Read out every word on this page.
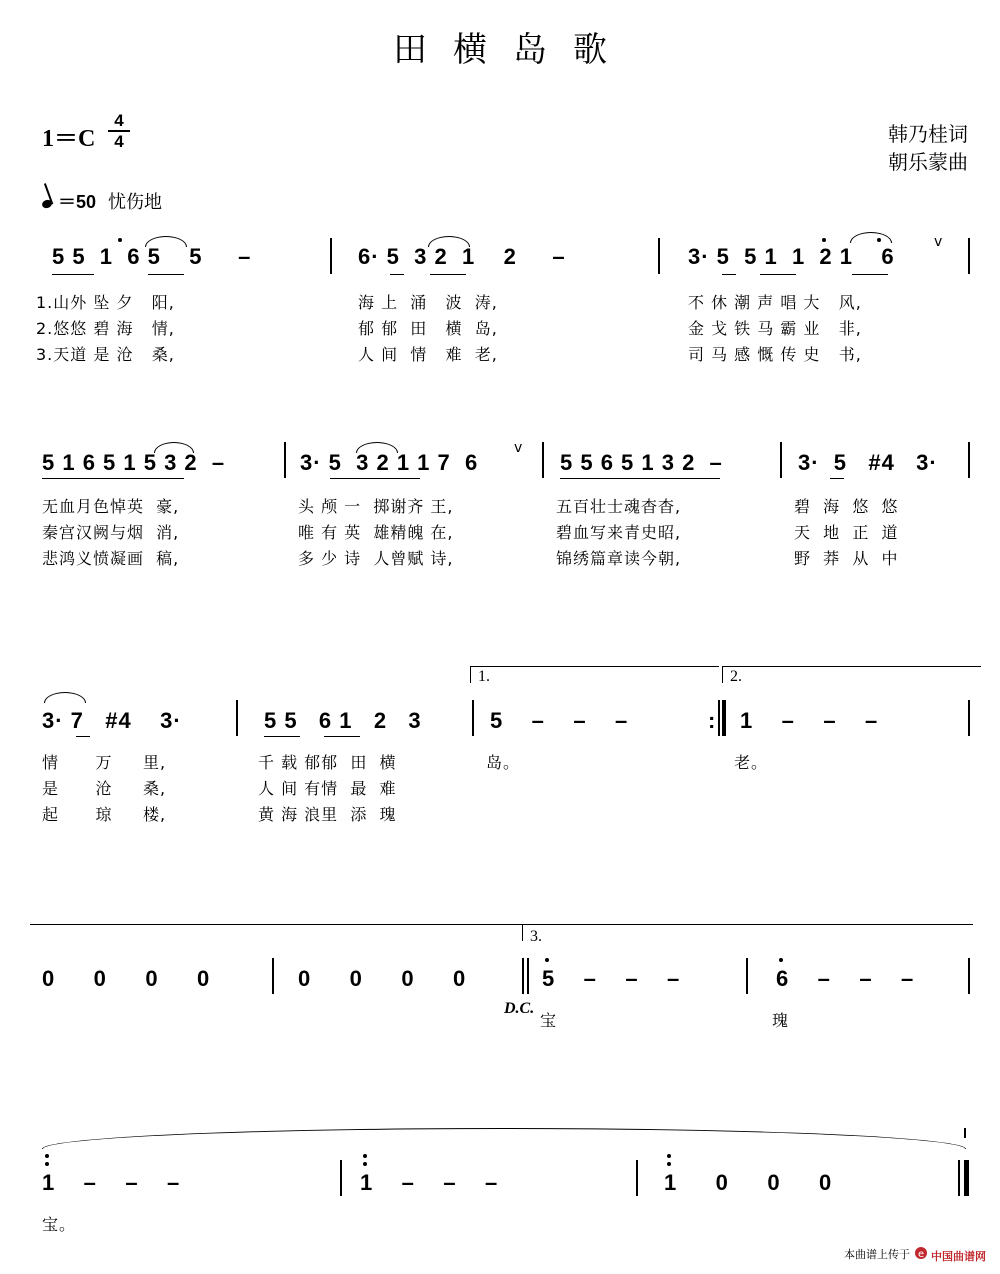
田横岛歌
1＝C
4
4	韩乃桂词
朝乐蒙曲
＝50 忧伤地
5 5  1  6 5    5     –	6· 5  3 2  1    2     –	3· 5  5 1  1  2 1    6
v
1.山外 坠 夕   阳,	海 上  涌   波  涛,	不 休 潮 声 唱 大   风,
2.悠悠 碧 海   情,	郁 郁  田   横  岛,	金 戈 铁 马 霸 业   非,
3.天道 是 沧   桑,	人 间  情   难  老,	司 马 感 慨 传 史   书,
5 1 6 5 1 5 3 2  –	3· 5  3 2 1 1 7  6	5 5 6 5 1 3 2  –	3·  5   #4   3·
v
无血月色悼英  豪,	头 颅 一  掷谢齐 王,	五百壮士魂杳杳,	碧  海  悠  悠
秦宫汉阙与烟  消,	唯 有 英  雄精魄 在,	碧血写来青史昭,	天  地  正  道
悲鸿义愤凝画  稿,	多 少 诗  人曾赋 诗,	锦绣篇章读今朝,	野  莽  从  中
1.	2.
:
3· 7   #4    3·	5 5   6 1   2   3	5    –    –    –	1    –    –    –
情      万     里,	千 载 郁郁  田  横	岛。	老。
是      沧     桑,	人 间 有情  最  难
起      琼     楼,	黄 海 浪里  添  瑰
3.
0    0    0    0	0    0    0    0	5    –    –    –	6    –    –    –
D.C.
宝	瑰
1    –    –    –	1    –    –    –	1    0    0    0
宝。
本曲谱上传于 e 中国曲谱网
